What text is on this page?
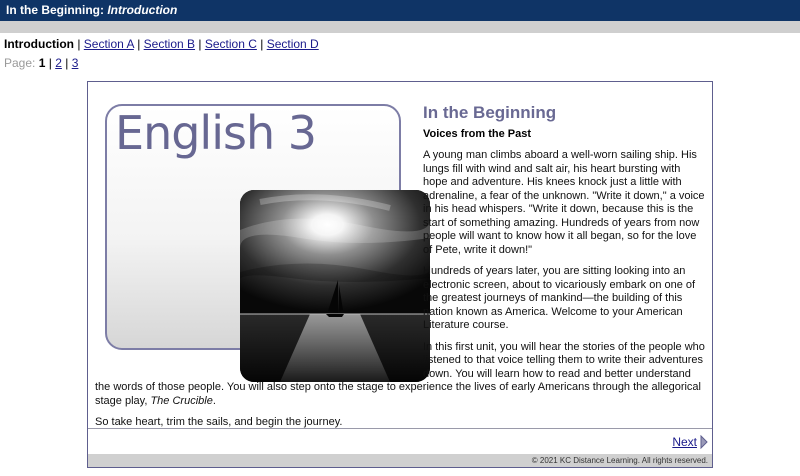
In the Beginning: Introduction
Introduction | Section A | Section B | Section C | Section D
Page: 1 | 2 | 3
English 3	In the Beginning
Voices from the Past

A young man climbs aboard a well-worn sailing ship. His lungs fill with wind and salt air, his heart bursting with hope and adventure. His knees knock just a little with adrenaline, a fear of the unknown. "Write it down," a voice in his head whispers. "Write it down, because this is the start of something amazing. Hundreds of years from now people will want to know how it all began, so for the love of Pete, write it down!"

Hundreds of years later, you are sitting looking into an electronic screen, about to vicariously embark on one of the greatest journeys of mankind—the building of this nation known as America. Welcome to your American Literature course.

In this first unit, you will hear the stories of the people who listened to that voice telling them to write their adventures down. You will learn how to read and better understand the words of those people. You will also step onto the stage to experience the lives of early Americans through the allegorical stage play, The Crucible.

So take heart, trim the sails, and begin the journey.

Next
© 2021 KC Distance Learning. All rights reserved.
